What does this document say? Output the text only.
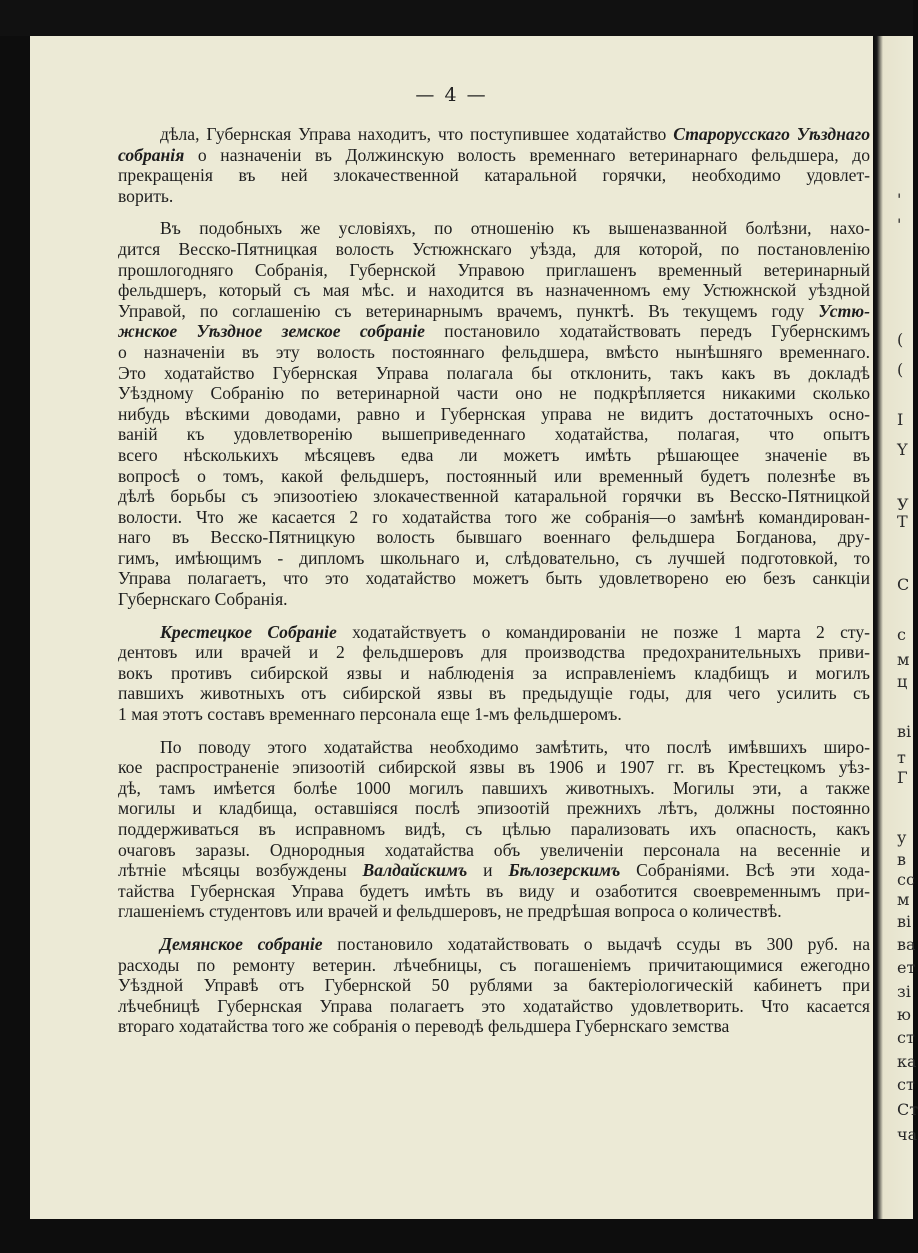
— 4 —

дѣла, Губернская Управа находитъ, что поступившее ходатайство Старорусскаго Уѣзднаго
собранія о назначеніи въ Должинскую волость временнаго ветеринарнаго фельдшера, до
прекращенія въ ней злокачественной катаральной горячки, необходимо удовлет-
ворить.

Въ подобныхъ же условіяхъ, по отношенію къ вышеназванной болѣзни, нахо-
дится Весско-Пятницкая волость Устюжнскаго уѣзда, для которой, по постановленію
прошлогодняго Собранія, Губернской Управою приглашенъ временный ветеринарный
фельдшеръ, который съ мая мѣс. и находится въ назначенномъ ему Устюжнской уѣздной
Управой, по соглашенію съ ветеринарнымъ врачемъ, пунктѣ. Въ текущемъ году Устю-
жнское Уѣздное земское собраніе постановило ходатайствовать передъ Губернскимъ
о назначеніи въ эту волость постояннаго фельдшера, вмѣсто нынѣшняго временнаго.
Это ходатайство Губернская Управа полагала бы отклонить, такъ какъ въ докладѣ
Уѣздному Собранію по ветеринарной части оно не подкрѣпляется никакими сколько
нибудь вѣскими доводами, равно и Губернская управа не видитъ достаточныхъ осно-
ваній къ удовлетворенію вышеприведеннаго ходатайства, полагая, что опытъ
всего нѣсколькихъ мѣсяцевъ едва ли можетъ имѣть рѣшающее значеніе въ
вопросѣ о томъ, какой фельдшеръ, постоянный или временный будетъ полезнѣе въ
дѣлѣ борьбы съ эпизоотіею злокачественной катаральной горячки въ Весско-Пятницкой
волости. Что же касается 2 го ходатайства того же собранія—о замѣнѣ командирован-
наго въ Весско-Пятницкую волость бывшаго военнаго фельдшера Богданова, дру-
гимъ, имѣющимъ - дипломъ школьнаго и, слѣдовательно, съ лучшей подготовкой, то
Управа полагаетъ, что это ходатайство можетъ быть удовлетворено ею безъ санкціи
Губернскаго Собранія.

Крестецкое Собраніе ходатайствуетъ о командированіи не позже 1 марта 2 сту-
дентовъ или врачей и 2 фельдшеровъ для производства предохранительныхъ приви-
вокъ противъ сибирской язвы и наблюденія за исправленіемъ кладбищъ и могилъ
павшихъ животныхъ отъ сибирской язвы въ предыдущіе годы, для чего усилить съ
1 мая этотъ составъ временнаго персонала еще 1-мъ фельдшеромъ.

По поводу этого ходатайства необходимо замѣтить, что послѣ имѣвшихъ широ-
кое распространеніе эпизоотій сибирской язвы въ 1906 и 1907 гг. въ Крестецкомъ уѣз-
дѣ, тамъ имѣется болѣе 1000 могилъ павшихъ животныхъ. Могилы эти, а также
могилы и кладбища, оставшіяся послѣ эпизоотій прежнихъ лѣтъ, должны постоянно
поддерживаться въ исправномъ видѣ, съ цѣлью парализовать ихъ опасность, какъ
очаговъ заразы. Однородныя ходатайства объ увеличеніи персонала на весенніе и
лѣтніе мѣсяцы возбуждены Валдайскимъ и Бѣлозерскимъ Собраніями. Всѣ эти хода-
тайства Губернская Управа будетъ имѣть въ виду и озаботится своевременнымъ при-
глашеніемъ студентовъ или врачей и фельдшеровъ, не предрѣшая вопроса о количествѣ.

Демянское собраніе постановило ходатайствовать о выдачѣ ссуды въ 300 руб. на
расходы по ремонту ветерин. лѣчебницы, съ погашеніемъ причитающимися ежегодно
Уѣздной Управѣ отъ Губернской 50 рублями за бактеріологическій кабинетъ при
лѣчебницѣ Губернская Управа полагаетъ это ходатайство удовлетворить. Что касается
втораго ходатайства того же собранія о переводѣ фельдшера Губернскаго земства

'
'
(
(
I
Y
У
Т
C
с
м
ц
ві
т
Г
у
в
сс
м
ві
ва
ет
зі
ю
ст
ка
ст
Ст
ча
